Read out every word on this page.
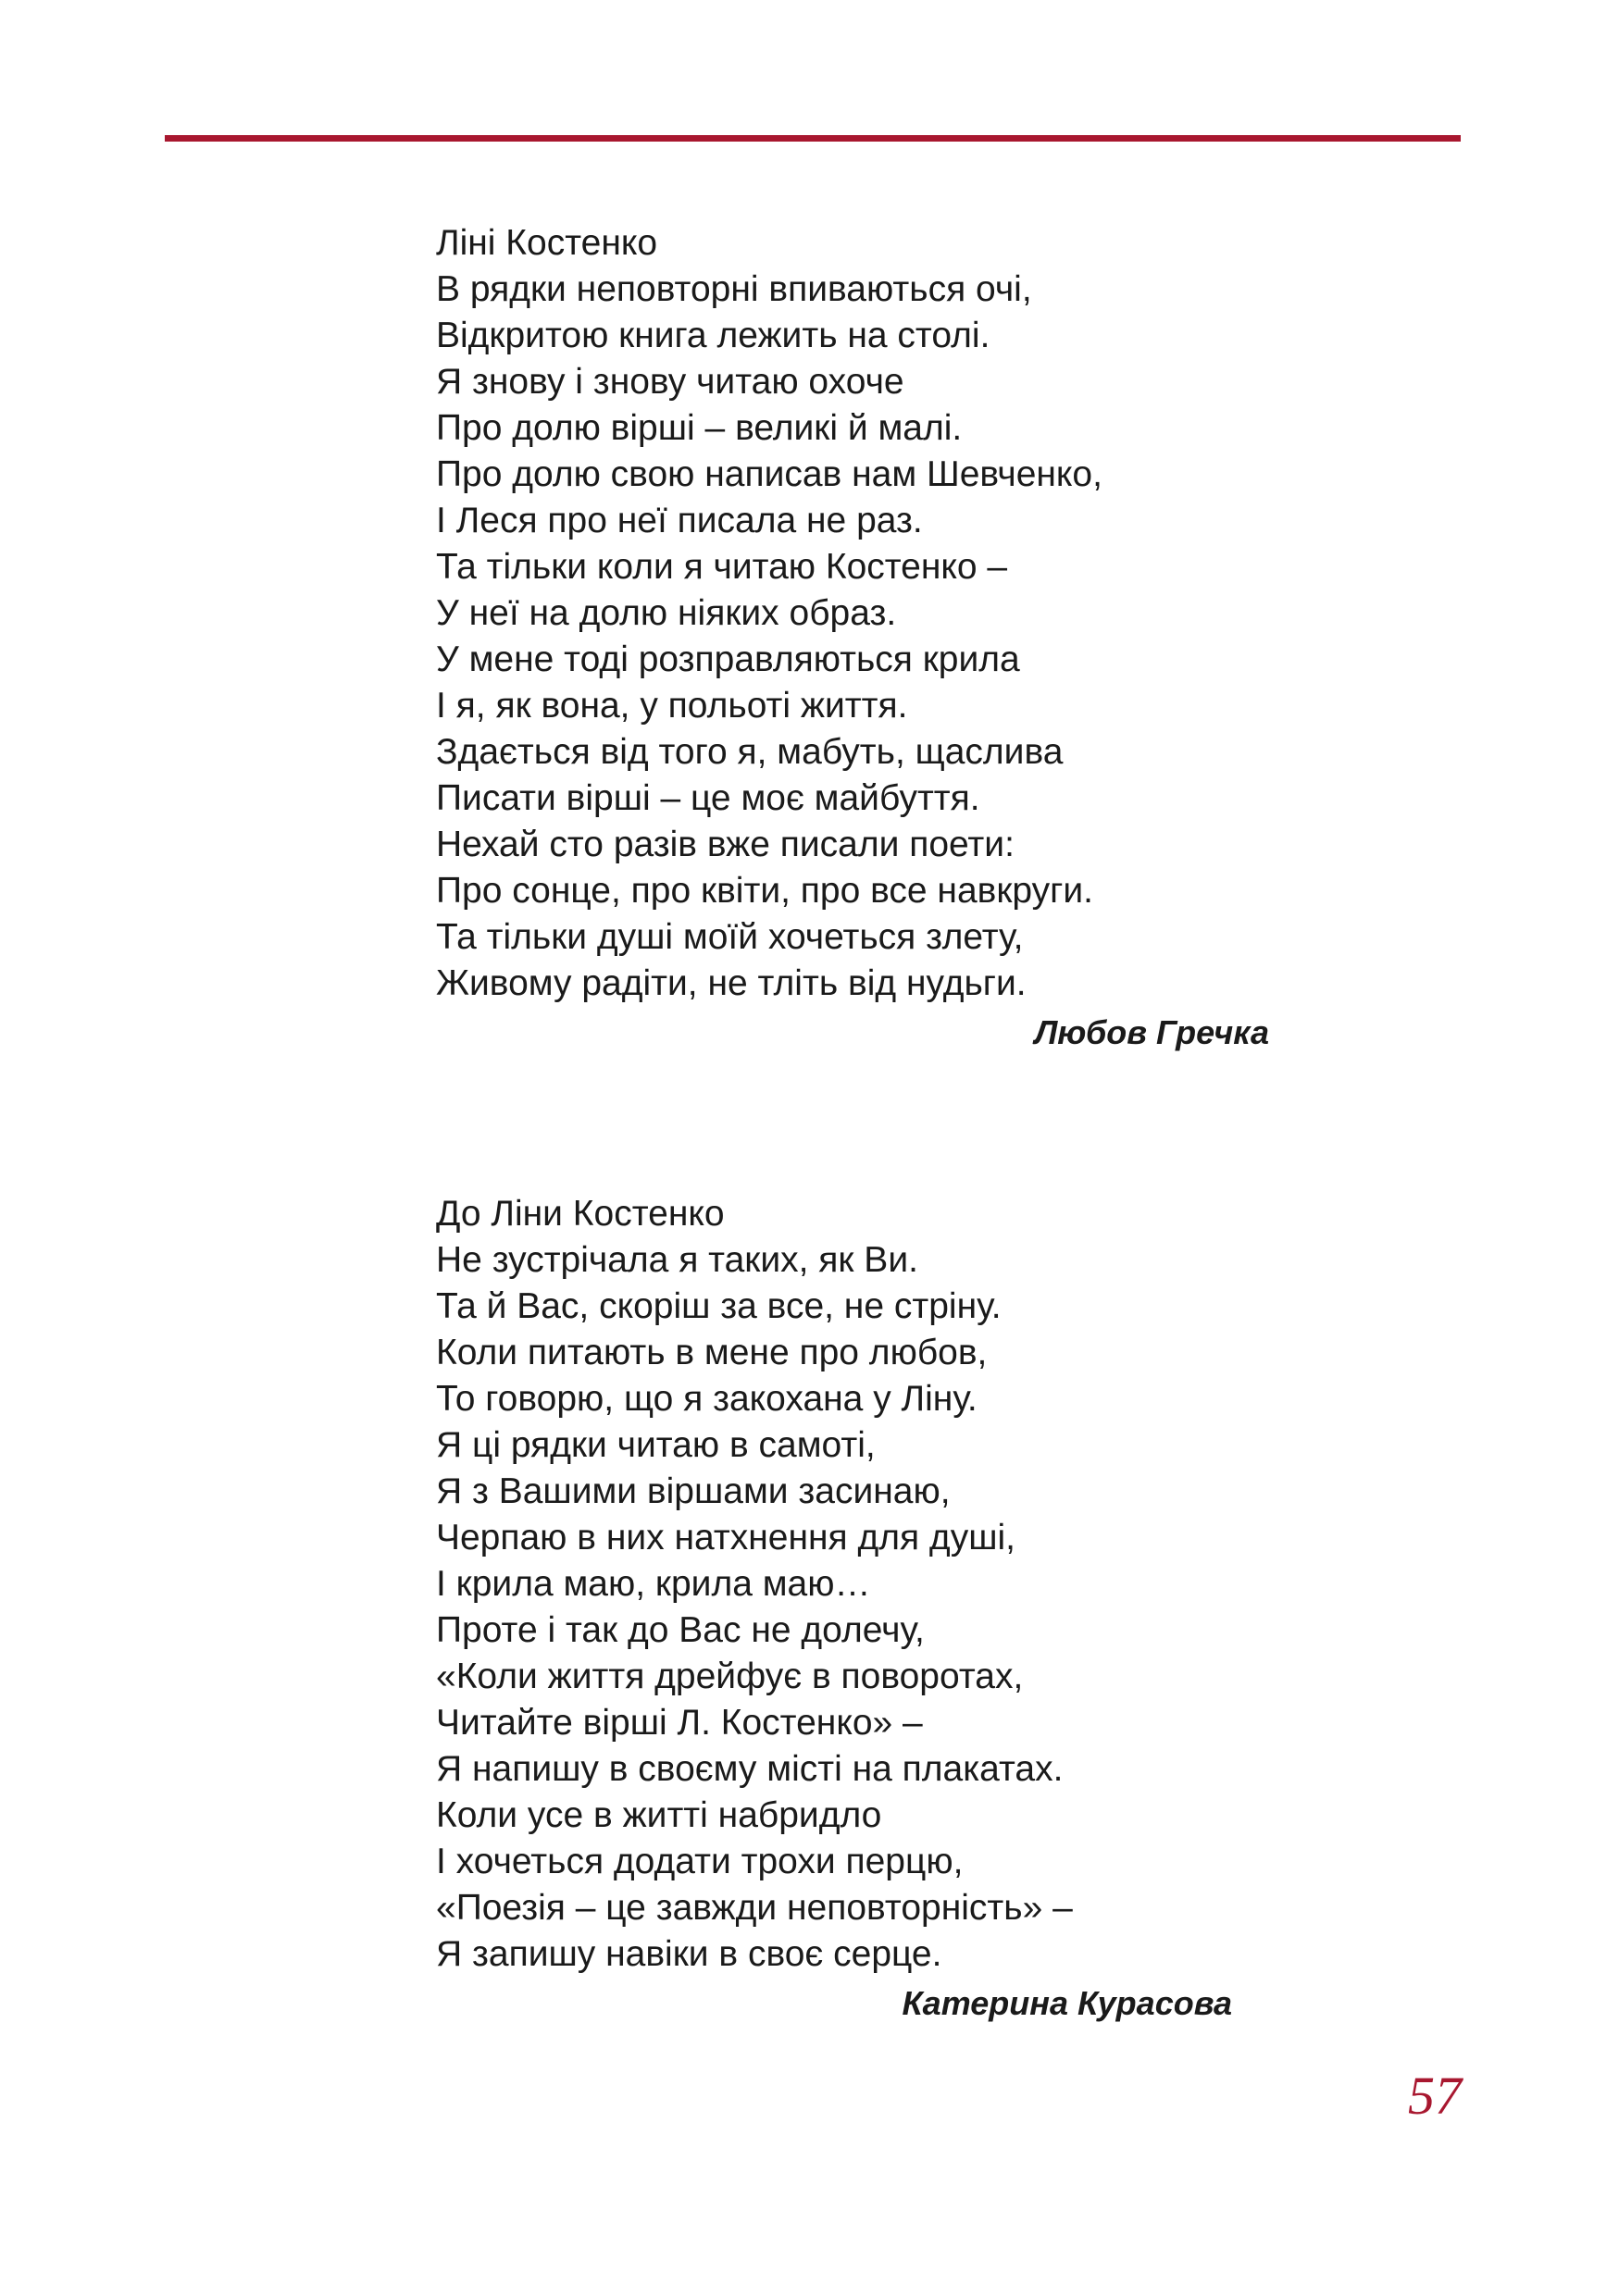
Ліні Костенко
В рядки неповторні впиваються очі,
Відкритою книга лежить на столі.
Я знову і знову читаю охоче
Про долю вірші – великі й малі.
Про долю свою написав нам Шевченко,
І Леся про неї писала не раз.
Та тільки коли я читаю Костенко –
У неї на долю ніяких образ.
У мене тоді розправляються крила
І я, як вона, у польоті життя.
Здається від того я, мабуть, щаслива
Писати вірші – це моє майбуття.
Нехай сто разів вже писали поети:
Про сонце, про квіти, про все навкруги.
Та тільки душі моїй хочеться злету,
Живому радіти, не тліть від нудьги.
Любов Гречка
До Ліни Костенко
Не зустрічала я таких, як Ви.
Та й Вас, скоріш за все, не стріну.
Коли питають в мене про любов,
То говорю, що я закохана у Ліну.
Я ці рядки читаю в самоті,
Я з Вашими віршами засинаю,
Черпаю в них натхнення для душі,
І крила маю, крила маю…
Проте і так до Вас не долечу,
«Коли життя дрейфує в поворотах,
Читайте вірші Л. Костенко» –
Я напишу в своєму місті на плакатах.
Коли усе в житті набридло
І хочеться додати трохи перцю,
«Поезія – це завжди неповторність» –
Я запишу навіки в своє серце.
Катерина Курасова
57
